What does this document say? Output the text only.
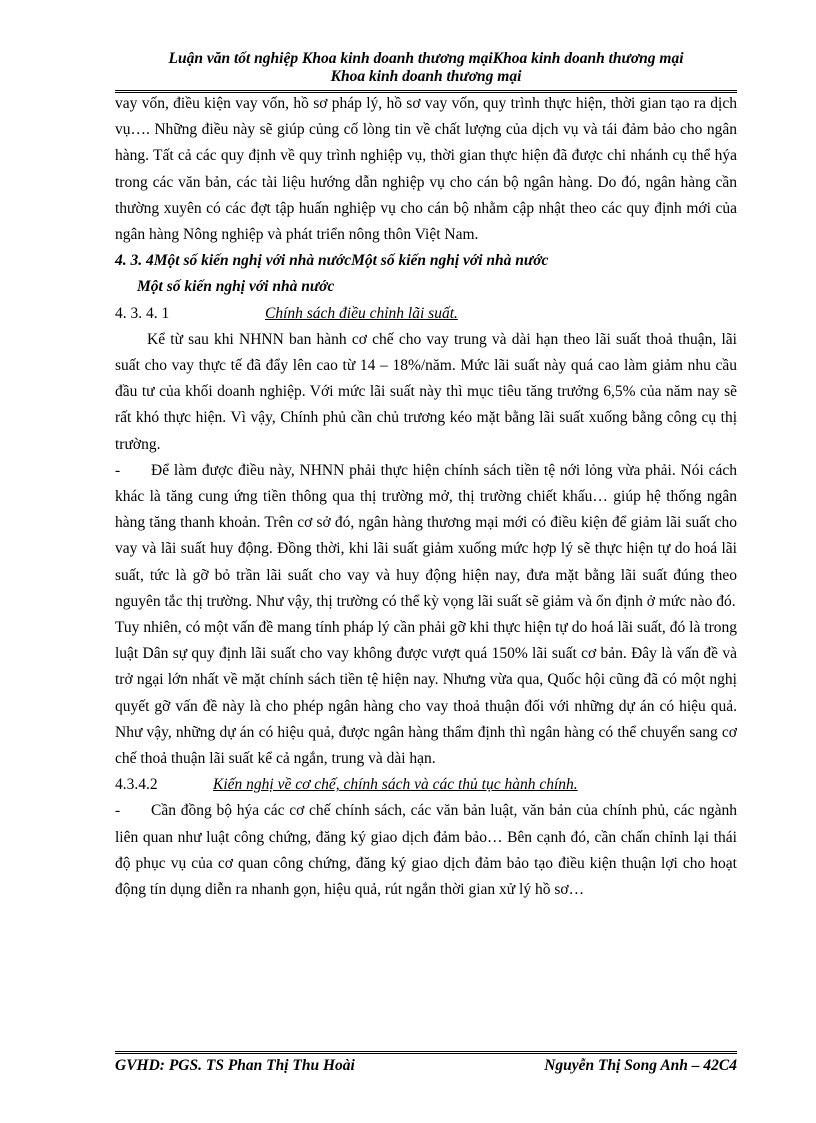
Luận văn tốt nghiệp Khoa kinh doanh thương mạiKhoa kinh doanh thương mại
Khoa kinh doanh thương mại

vay vốn, điều kiện vay vốn, hồ sơ pháp lý, hồ sơ vay vốn, quy trình thực hiện, thời gian tạo ra dịch vụ…. Những điều này sẽ giúp củng cố lòng tin về chất lượng của dịch vụ và tái đảm bảo cho ngân hàng. Tất cả các quy định về quy trình nghiệp vụ, thời gian thực hiện đã được chi nhánh cụ thể hýa trong các văn bản, các tài liệu hướng dẫn nghiệp vụ cho cán bộ ngân hàng. Do đó, ngân hàng cần thường xuyên có các đợt tập huấn nghiệp vụ cho cán bộ nhằm cập nhật theo các quy định mới của ngân hàng Nông nghiệp và phát triển nông thôn Việt Nam.

4. 3. 4Một số kiến nghị với nhà nướcMột số kiến nghị với nhà nước

Một số kiến nghị với nhà nước

4. 3. 4. 1	Chính sách điều chỉnh lãi suất.

Kể từ sau khi NHNN ban hành cơ chế cho vay trung và dài hạn theo lãi suất thoả thuận, lãi suất cho vay thực tế đã đẩy lên cao từ 14 – 18%/năm. Mức lãi suất này quá cao làm giảm nhu cầu đầu tư của khối doanh nghiệp. Với mức lãi suất này thì mục tiêu tăng trưởng 6,5% của năm nay sẽ rất khó thực hiện. Vì vậy, Chính phủ cần chủ trương kéo mặt bằng lãi suất xuống bằng công cụ thị trường.

- Để làm được điều này, NHNN phải thực hiện chính sách tiền tệ nới lỏng vừa phải. Nói cách khác là tăng cung ứng tiền thông qua thị trường mở, thị trường chiết khấu… giúp hệ thống ngân hàng tăng thanh khoản. Trên cơ sở đó, ngân hàng thương mại mới có điều kiện để giảm lãi suất cho vay và lãi suất huy động. Đồng thời, khi lãi suất giảm xuống mức hợp lý sẽ thực hiện tự do hoá lãi suất, tức là gỡ bỏ trần lãi suất cho vay và huy động hiện nay, đưa mặt bằng lãi suất đúng theo nguyên tắc thị trường. Như vậy, thị trường có thể kỳ vọng lãi suất sẽ giảm và ổn định ở mức nào đó.

Tuy nhiên, có một vấn đề mang tính pháp lý cần phải gỡ khi thực hiện tự do hoá lãi suất, đó là trong luật Dân sự quy định lãi suất cho vay không được vượt quá 150% lãi suất cơ bản. Đây là vấn đề và trở ngại lớn nhất về mặt chính sách tiền tệ hiện nay. Nhưng vừa qua, Quốc hội cũng đã có một nghị quyết gỡ vấn đề này là cho phép ngân hàng cho vay thoả thuận đối với những dự án có hiệu quả. Như vậy, những dự án có hiệu quả, được ngân hàng thẩm định thì ngân hàng có thể chuyển sang cơ chế thoả thuận lãi suất kể cả ngắn, trung và dài hạn.

4.3.4.2	Kiến nghị về cơ chế, chính sách và các thủ tục hành chính.

- Cần đồng bộ hýa các cơ chế chính sách, các văn bản luật, văn bản của chính phủ, các ngành liên quan như luật công chứng, đăng ký giao dịch đảm bảo… Bên cạnh đó, cần chấn chỉnh lại thái độ phục vụ của cơ quan công chứng, đăng ký giao dịch đảm bảo tạo điều kiện thuận lợi cho hoạt động tín dụng diễn ra nhanh gọn, hiệu quả, rút ngắn thời gian xử lý hồ sơ…

GVHD: PGS. TS Phan Thị Thu Hoài	Nguyễn Thị Song Anh – 42C4
